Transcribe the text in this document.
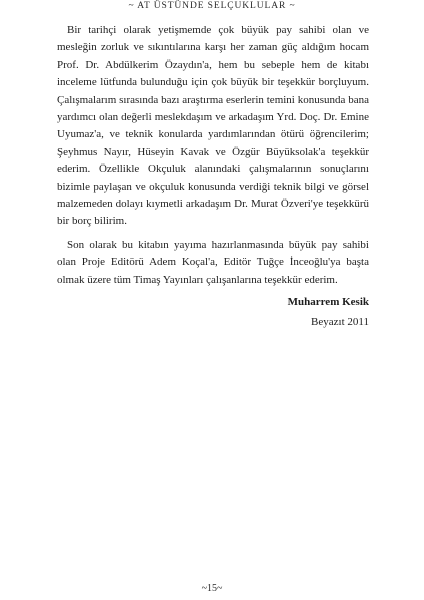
~ AT ÜSTÜNDE SELÇUKLULAR ~

Bir tarihçi olarak yetişmemde çok büyük pay sahibi olan ve mesleğin zorluk ve sıkıntılarına karşı her zaman güç aldığım hocam Prof. Dr. Abdülkerim Özaydın'a, hem bu sebeple hem de kitabı inceleme lütfunda bulunduğu için çok büyük bir teşekkür borçluyum. Çalışmalarım sırasında bazı araştırma eserlerin temini konusunda bana yardımcı olan değerli meslekdaşım ve arkadaşım Yrd. Doç. Dr. Emine Uyumaz'a, ve teknik konularda yardımlarından ötürü öğrencilerim; Şeyhmus Nayır, Hüseyin Kavak ve Özgür Büyüksolak'a teşekkür ederim. Özellikle Okçuluk alanındaki çalışmalarının sonuçlarını bizimle paylaşan ve okçuluk konusunda verdiği teknik bilgi ve görsel malzemeden dolayı kıymetli arkadaşım Dr. Murat Özveri'ye teşekkürü bir borç bilirim.

Son olarak bu kitabın yayıma hazırlanmasında büyük pay sahibi olan Proje Editörü Adem Koçal'a, Editör Tuğçe İnceoğlu'ya başta olmak üzere tüm Timaş Yayınları çalışanlarına teşekkür ederim.

Muharrem Kesik

Beyazıt 2011

~15~
